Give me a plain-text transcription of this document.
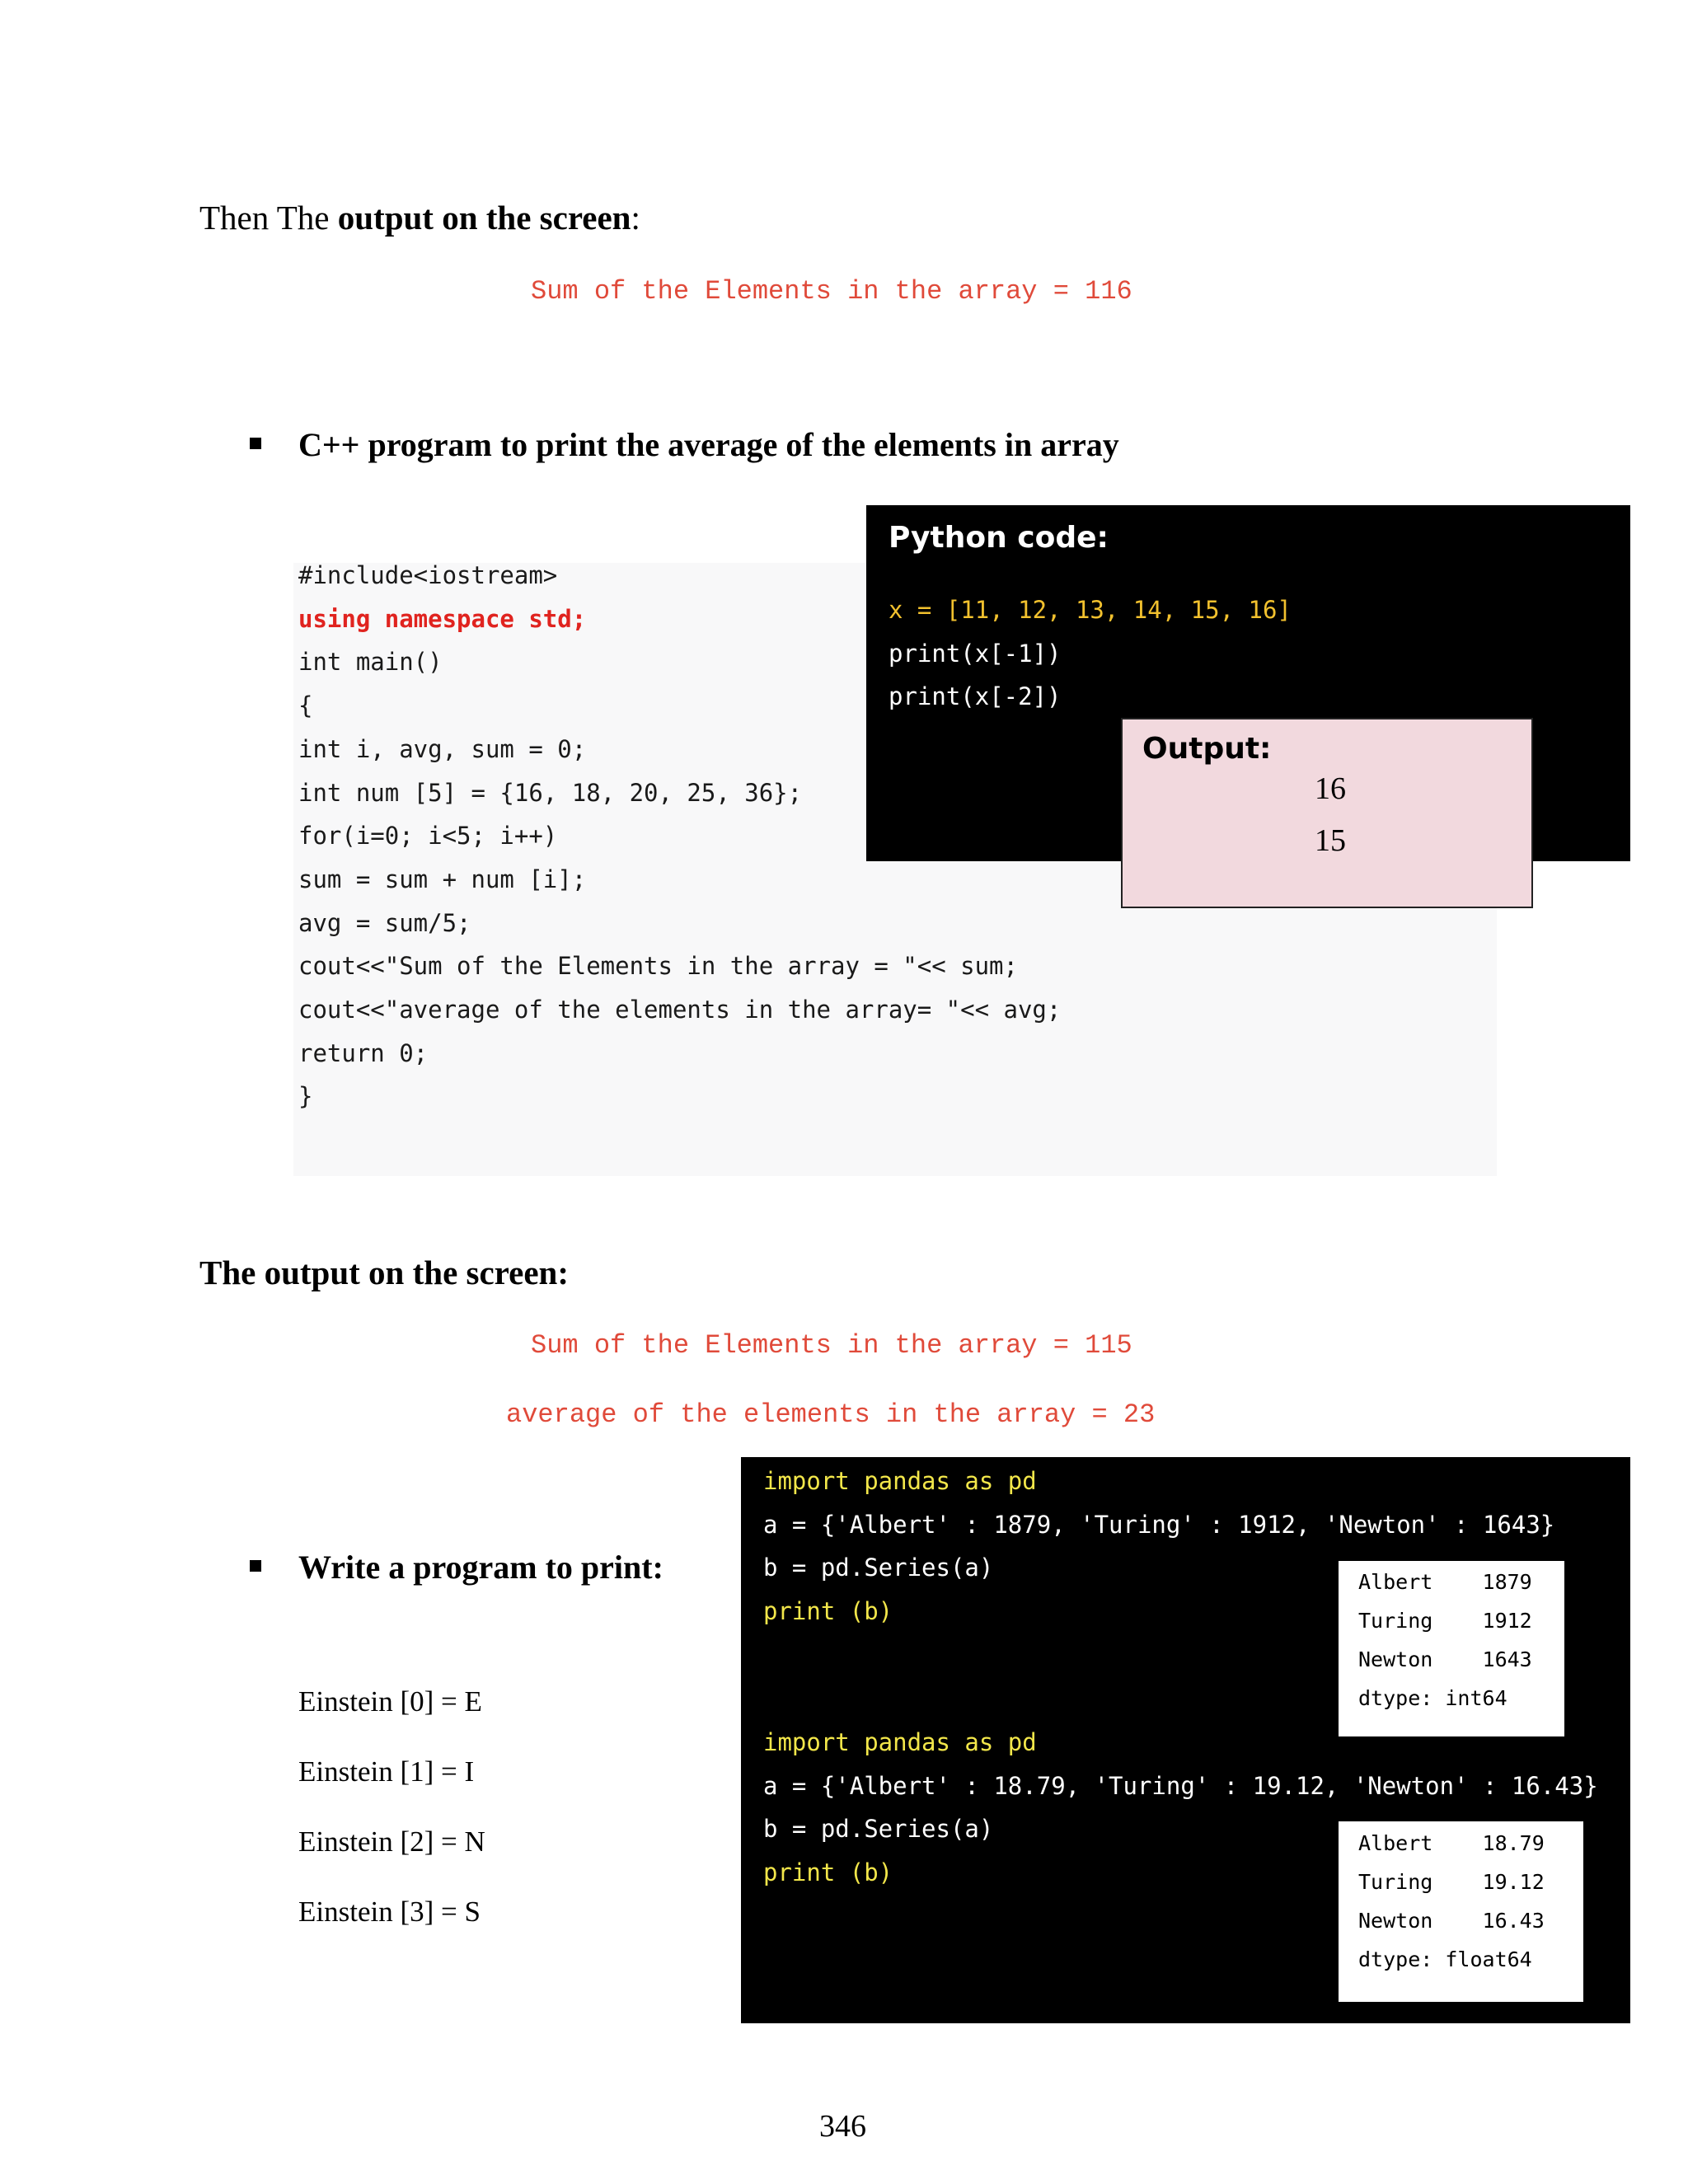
Then The output on the screen:
Sum of the Elements in the array = 116
C++ program to print the average of the elements in array
#include<iostream>
using namespace std;
int main()
{
int i, avg, sum = 0;
int num [5] = {16, 18, 20, 25, 36};
for(i=0; i<5; i++)
sum = sum + num [i];
avg = sum/5;
cout<<"Sum of the Elements in the array = "<< sum;
cout<<"average of the elements in the array= "<< avg;
return 0;
}
Python code:
x = [11, 12, 13, 14, 15, 16]
print(x[-1])
print(x[-2])
Output:
16
15
The output on the screen:
Sum of the Elements in the array = 115
average of the elements in the array = 23
Write a program to print:
Einstein [0] = E
Einstein [1] = I
Einstein [2] = N
Einstein [3] = S
import pandas as pd
a = {'Albert' : 1879, 'Turing' : 1912, 'Newton' : 1643}
b = pd.Series(a)
print (b)
Albert    1879
Turing    1912
Newton    1643
dtype: int64
import pandas as pd
a = {'Albert' : 18.79, 'Turing' : 19.12, 'Newton' : 16.43}
b = pd.Series(a)
print (b)
Albert    18.79
Turing    19.12
Newton    16.43
dtype: float64
346
